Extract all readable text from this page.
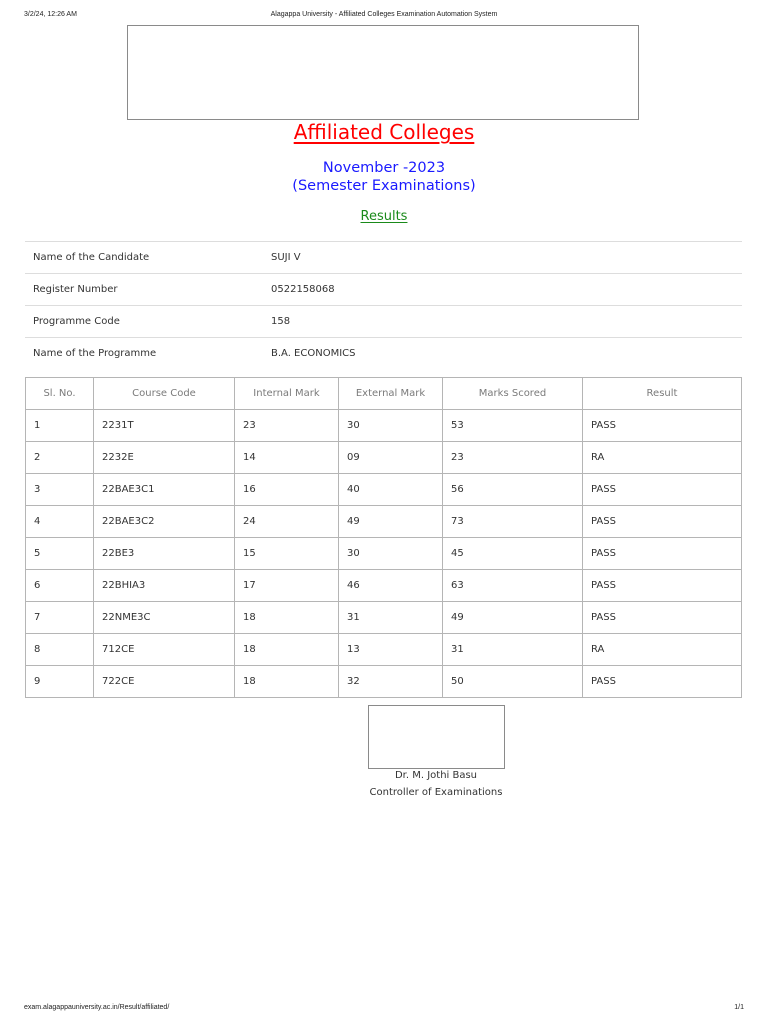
3/2/24, 12:26 AM	Alagappa University - Affiliated Colleges Examination Automation System
Affiliated Colleges
November -2023
(Semester Examinations)
Results
Name of the Candidate	SUJI V
Register Number	0522158068
Programme Code	158
Name of the Programme	B.A. ECONOMICS
Sl. No.	Course Code	Internal Mark	External Mark	Marks Scored	Result
1	2231T	23	30	53	PASS
2	2232E	14	09	23	RA
3	22BAE3C1	16	40	56	PASS
4	22BAE3C2	24	49	73	PASS
5	22BE3	15	30	45	PASS
6	22BHIA3	17	46	63	PASS
7	22NME3C	18	31	49	PASS
8	712CE	18	13	31	RA
9	722CE	18	32	50	PASS
Dr. M. Jothi Basu
Controller of Examinations
exam.alagappauniversity.ac.in/Result/affiliated/	1/1
